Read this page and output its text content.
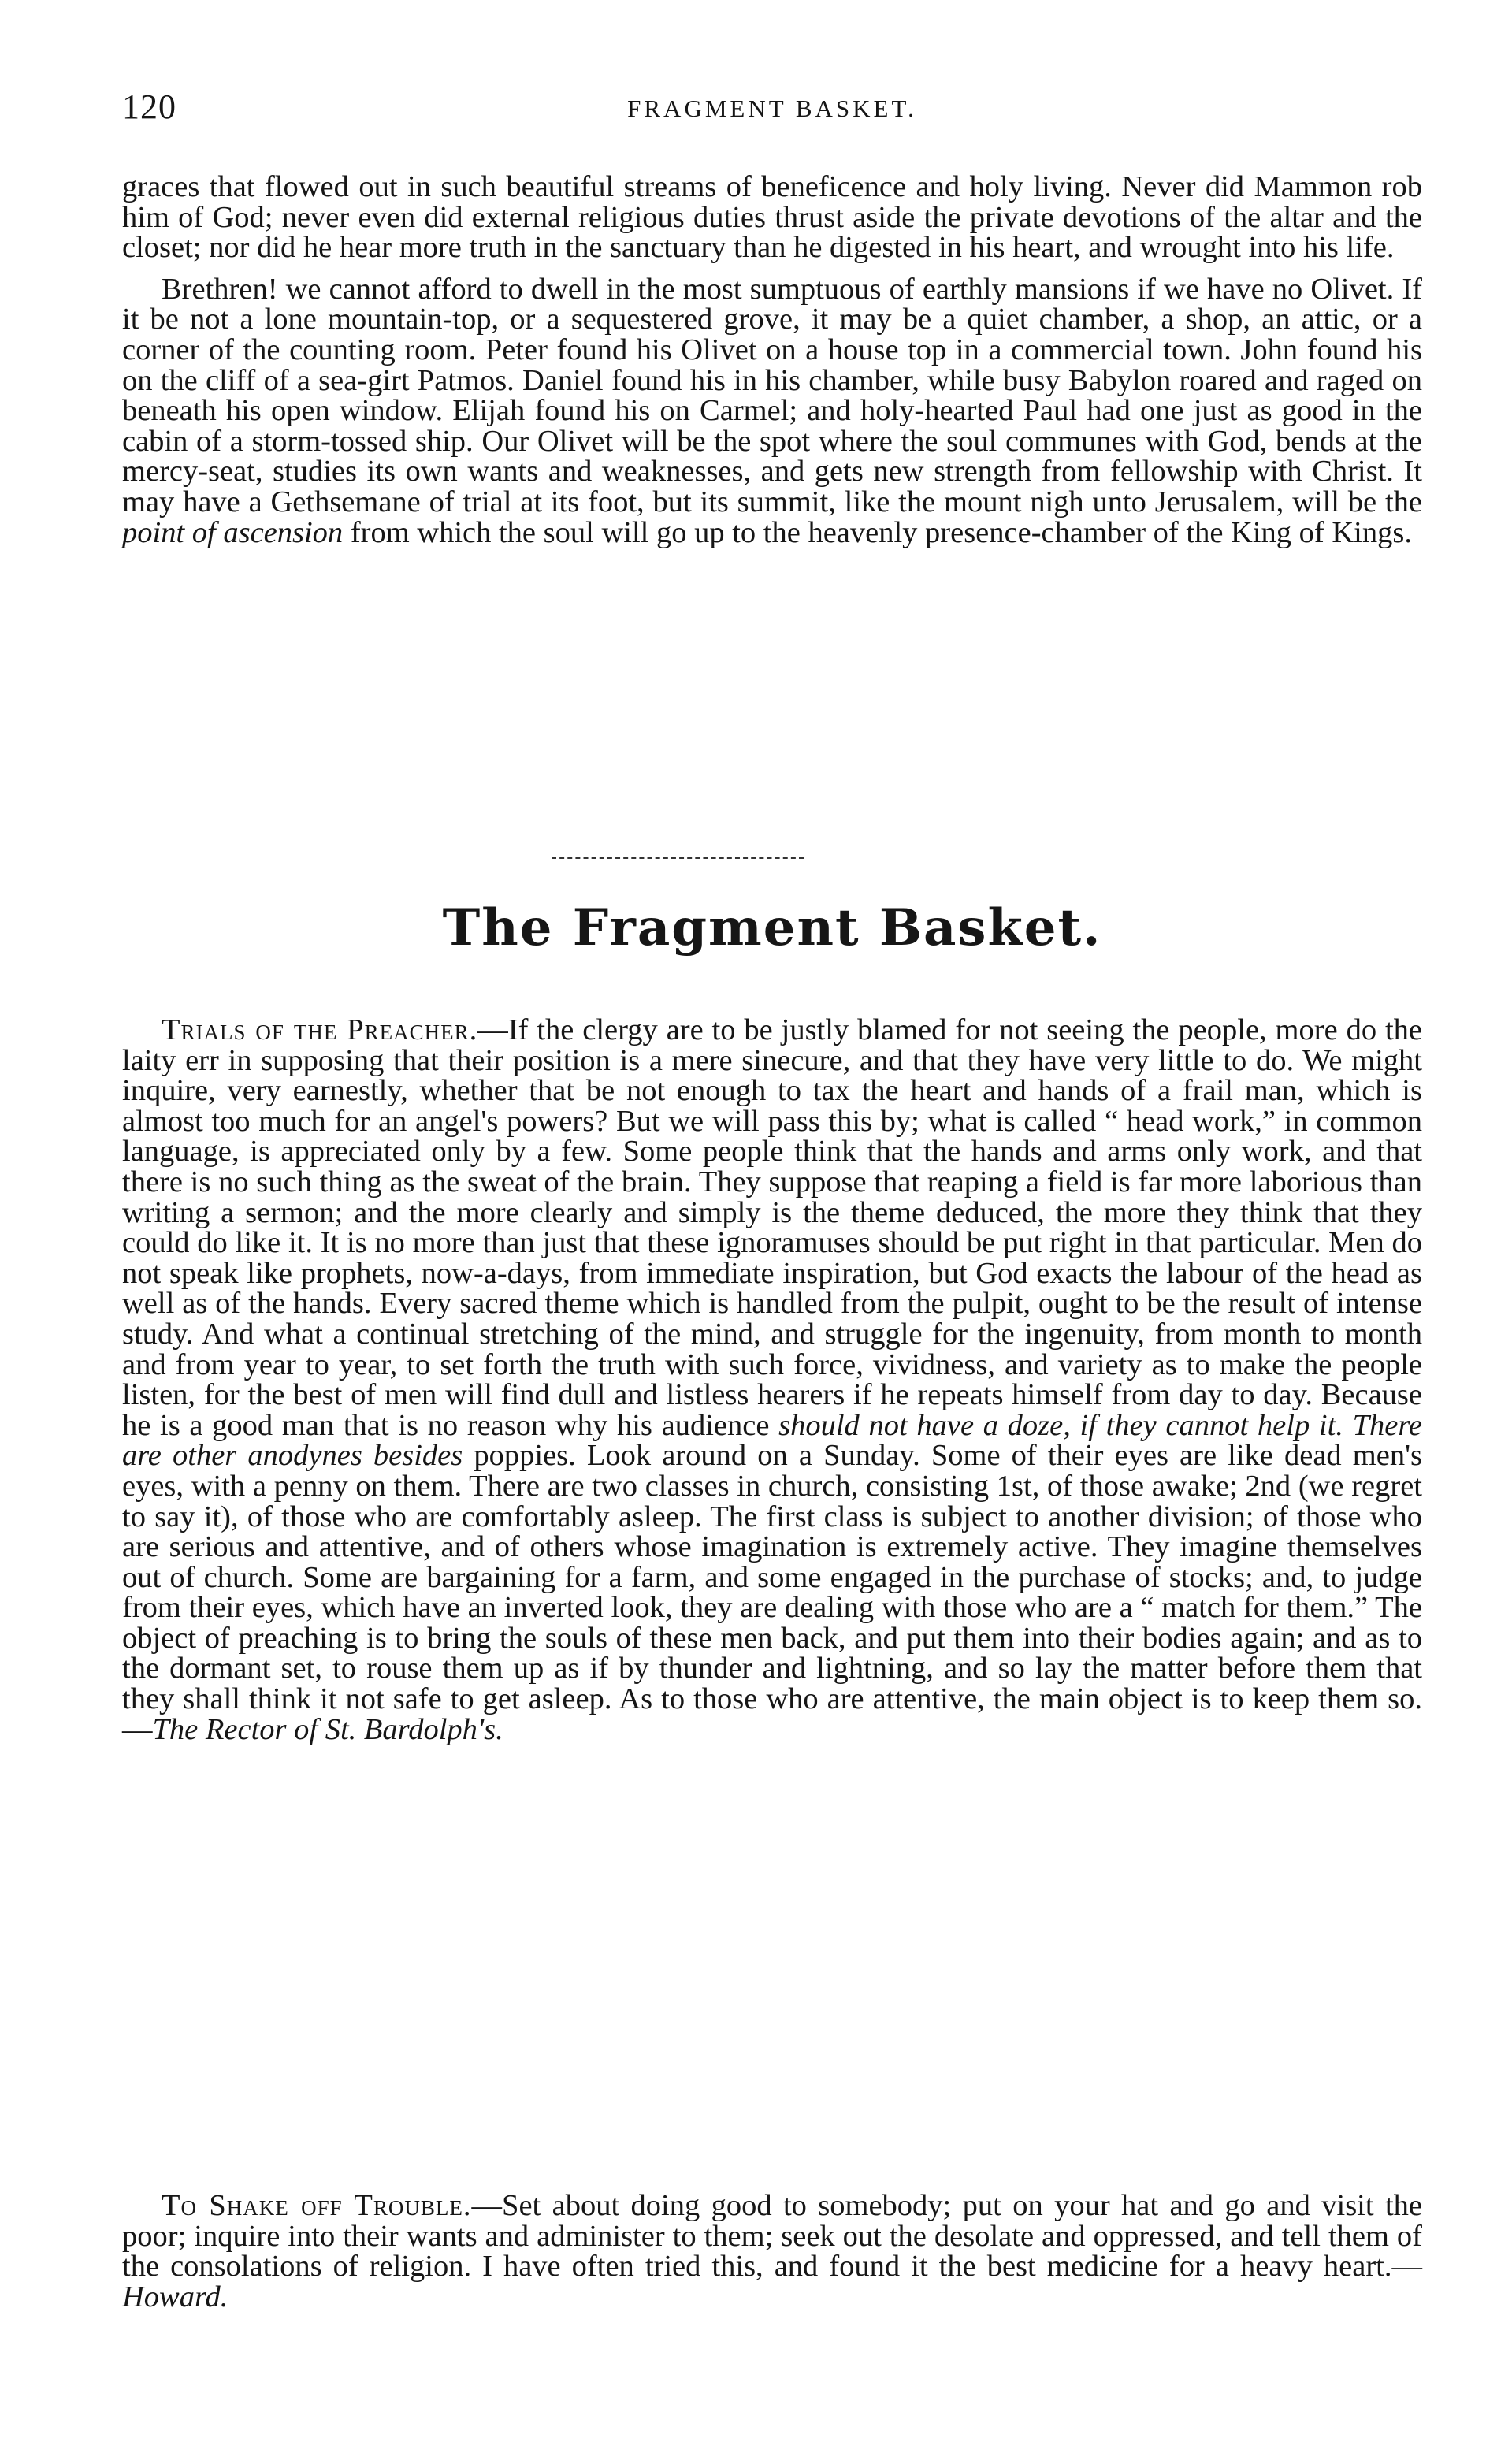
120	FRAGMENT BASKET.

graces that flowed out in such beautiful streams of beneficence and holy living. Never did Mammon rob him of God; never even did external religious duties thrust aside the private devotions of the altar and the closet; nor did he hear more truth in the sanctuary than he digested in his heart, and wrought into his life.

Brethren! we cannot afford to dwell in the most sumptuous of earthly mansions if we have no Olivet. If it be not a lone mountain-top, or a sequestered grove, it may be a quiet chamber, a shop, an attic, or a corner of the counting room. Peter found his Olivet on a house top in a commercial town. John found his on the cliff of a sea-girt Patmos. Daniel found his in his chamber, while busy Babylon roared and raged on beneath his open window. Elijah found his on Carmel; and holy-hearted Paul had one just as good in the cabin of a storm-tossed ship. Our Olivet will be the spot where the soul communes with God, bends at the mercy-seat, studies its own wants and weaknesses, and gets new strength from fellowship with Christ. It may have a Gethsemane of trial at its foot, but its summit, like the mount nigh unto Jerusalem, will be the point of ascension from which the soul will go up to the heavenly presence-chamber of the King of Kings.

The Fragment Basket.

Trials of the Preacher.—If the clergy are to be justly blamed for not seeing the people, more do the laity err in supposing that their position is a mere sinecure, and that they have very little to do. We might inquire, very earnestly, whether that be not enough to tax the heart and hands of a frail man, which is almost too much for an angel's powers? But we will pass this by; what is called “ head work,” in common language, is appreciated only by a few. Some people think that the hands and arms only work, and that there is no such thing as the sweat of the brain. They suppose that reaping a field is far more laborious than writing a sermon; and the more clearly and simply is the theme deduced, the more they think that they could do like it. It is no more than just that these ignoramuses should be put right in that particular. Men do not speak like prophets, now-a-days, from immediate inspiration, but God exacts the labour of the head as well as of the hands. Every sacred theme which is handled from the pulpit, ought to be the result of intense study. And what a continual stretching of the mind, and struggle for the ingenuity, from month to month and from year to year, to set forth the truth with such force, vividness, and variety as to make the people listen, for the best of men will find dull and listless hearers if he repeats himself from day to day. Because he is a good man that is no reason why his audience should not have a doze, if they cannot help it. There are other anodynes besides poppies. Look around on a Sunday. Some of their eyes are like dead men's eyes, with a penny on them. There are two classes in church, consisting 1st, of those awake; 2nd (we regret to say it), of those who are comfortably asleep. The first class is subject to another division; of those who are serious and attentive, and of others whose imagination is extremely active. They imagine themselves out of church. Some are bargaining for a farm, and some engaged in the purchase of stocks; and, to judge from their eyes, which have an inverted look, they are dealing with those who are a “ match for them.” The object of preaching is to bring the souls of these men back, and put them into their bodies again; and as to the dormant set, to rouse them up as if by thunder and lightning, and so lay the matter before them that they shall think it not safe to get asleep. As to those who are attentive, the main object is to keep them so.—The Rector of St. Bardolph's.

To Shake off Trouble.—Set about doing good to somebody; put on your hat and go and visit the poor; inquire into their wants and administer to them; seek out the desolate and oppressed, and tell them of the consolations of religion. I have often tried this, and found it the best medicine for a heavy heart.—Howard.
